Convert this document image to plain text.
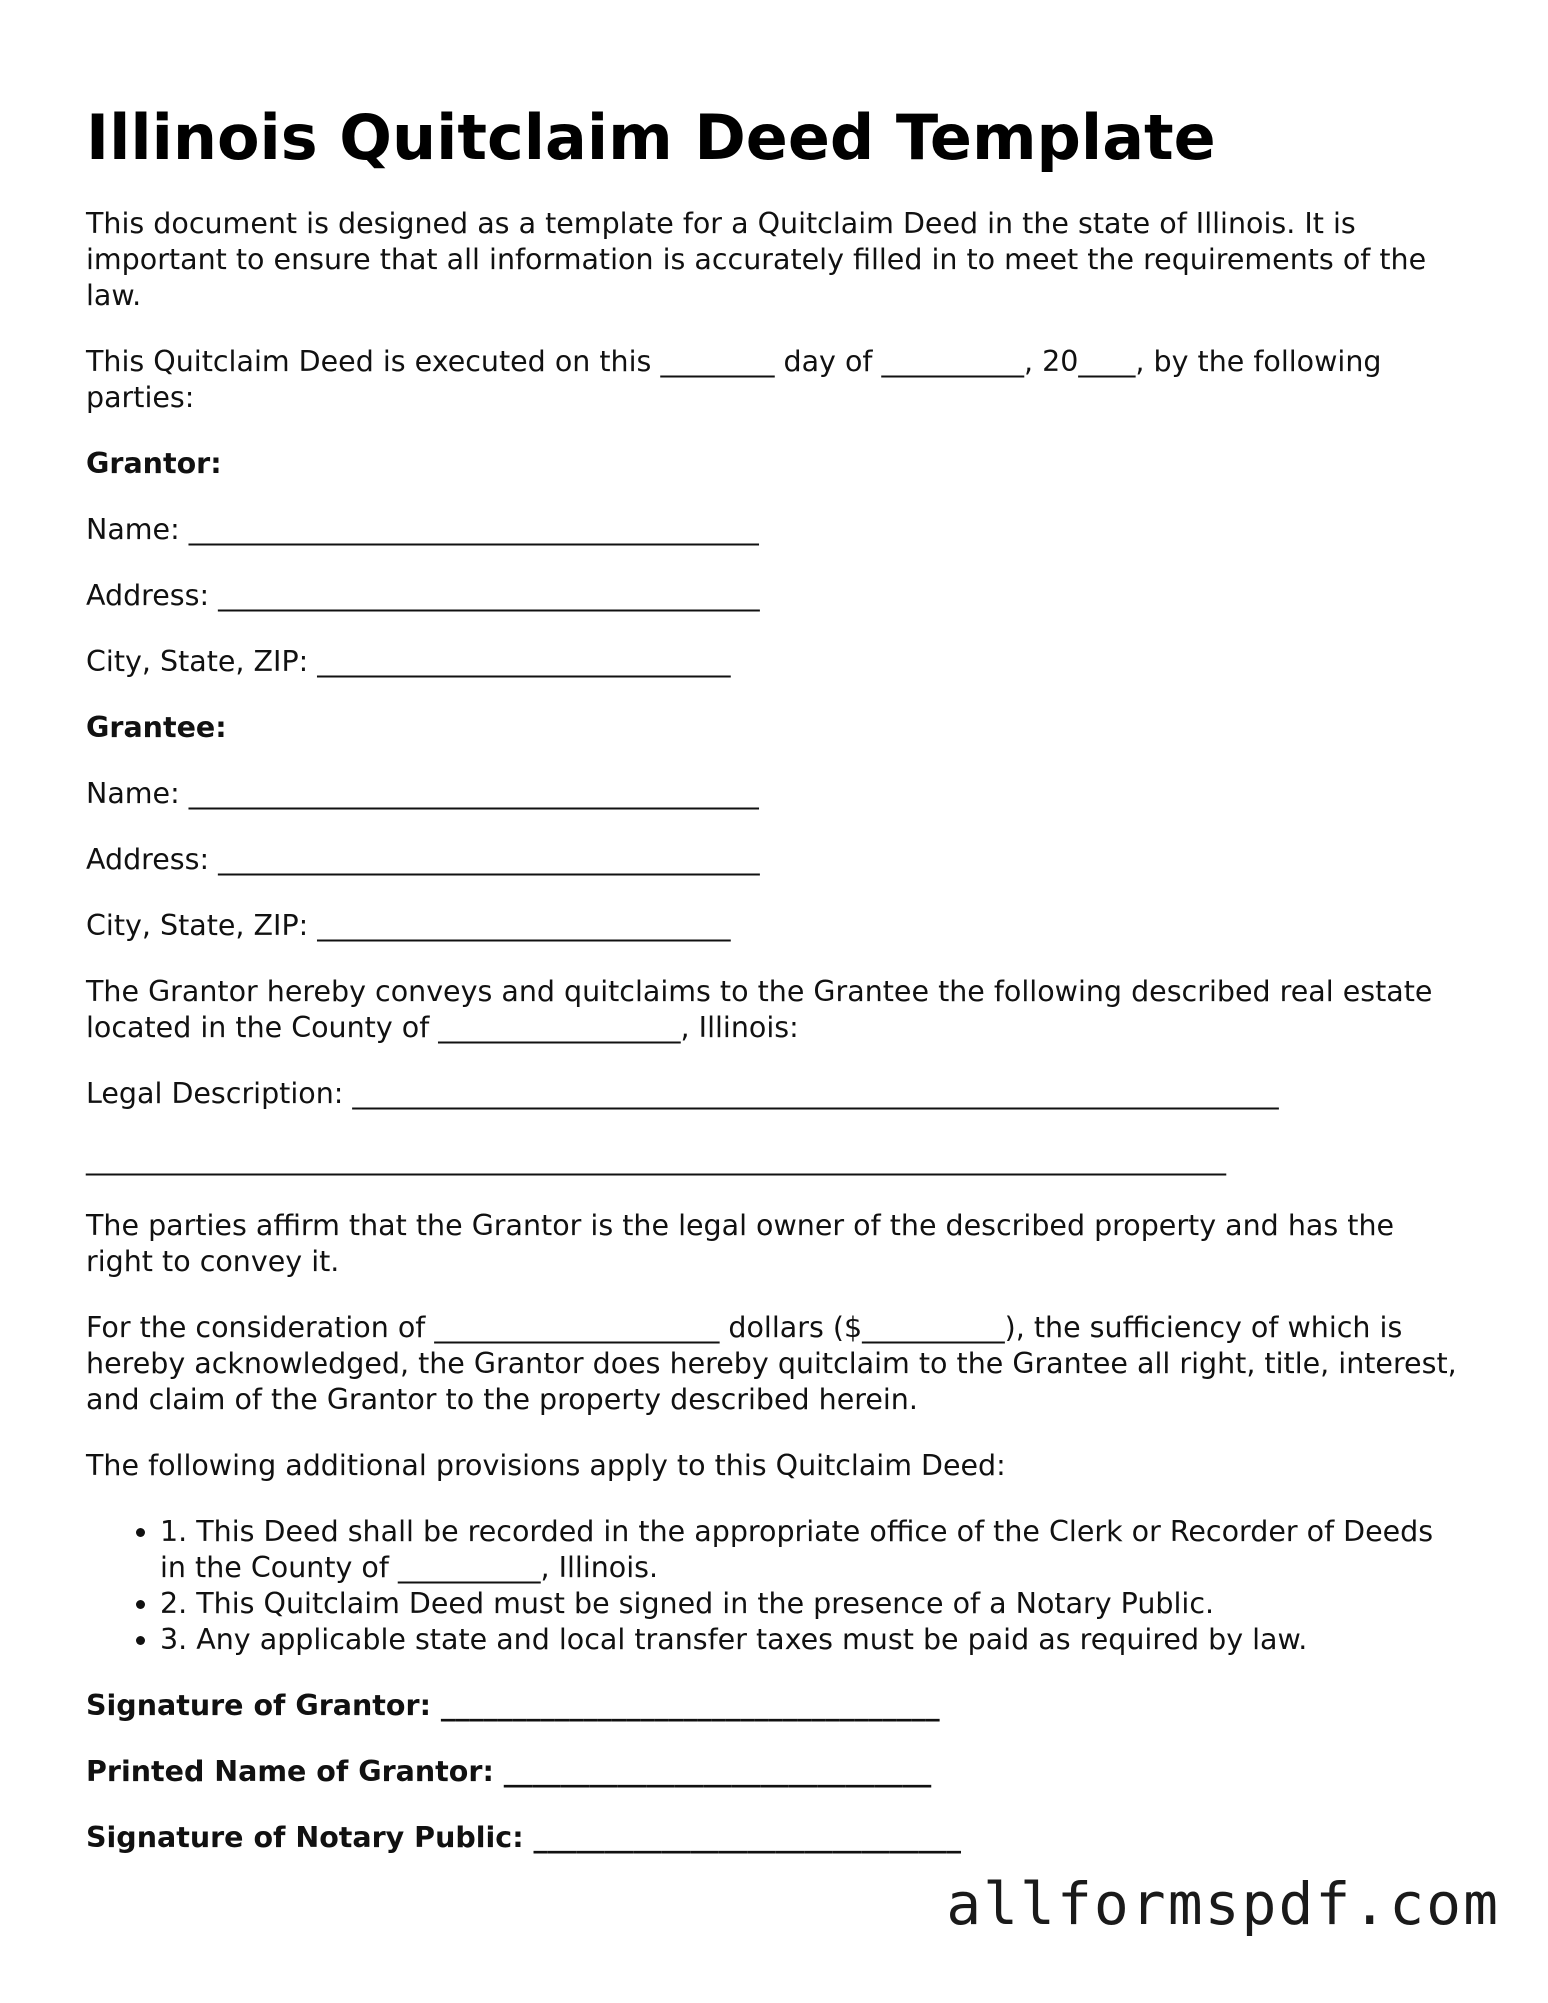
Illinois Quitclaim Deed Template

This document is designed as a template for a Quitclaim Deed in the state of Illinois. It is important to ensure that all information is accurately filled in to meet the requirements of the law.

This Quitclaim Deed is executed on this ________ day of __________, 20____, by the following parties:

Grantor:

Name: ________________________________________

Address: ______________________________________

City, State, ZIP: _____________________________

Grantee:

Name: ________________________________________

Address: ______________________________________

City, State, ZIP: _____________________________

The Grantor hereby conveys and quitclaims to the Grantee the following described real estate located in the County of _________________, Illinois:

Legal Description: _________________________________________________________________

________________________________________________________________________________

The parties affirm that the Grantor is the legal owner of the described property and has the right to convey it.

For the consideration of ____________________ dollars ($__________), the sufficiency of which is hereby acknowledged, the Grantor does hereby quitclaim to the Grantee all right, title, interest, and claim of the Grantor to the property described herein.

The following additional provisions apply to this Quitclaim Deed:

• 1. This Deed shall be recorded in the appropriate office of the Clerk or Recorder of Deeds in the County of __________, Illinois.
• 2. This Quitclaim Deed must be signed in the presence of a Notary Public.
• 3. Any applicable state and local transfer taxes must be paid as required by law.

Signature of Grantor: ___________________________________

Printed Name of Grantor: ______________________________

Signature of Notary Public: ______________________________

allformspdf.com
